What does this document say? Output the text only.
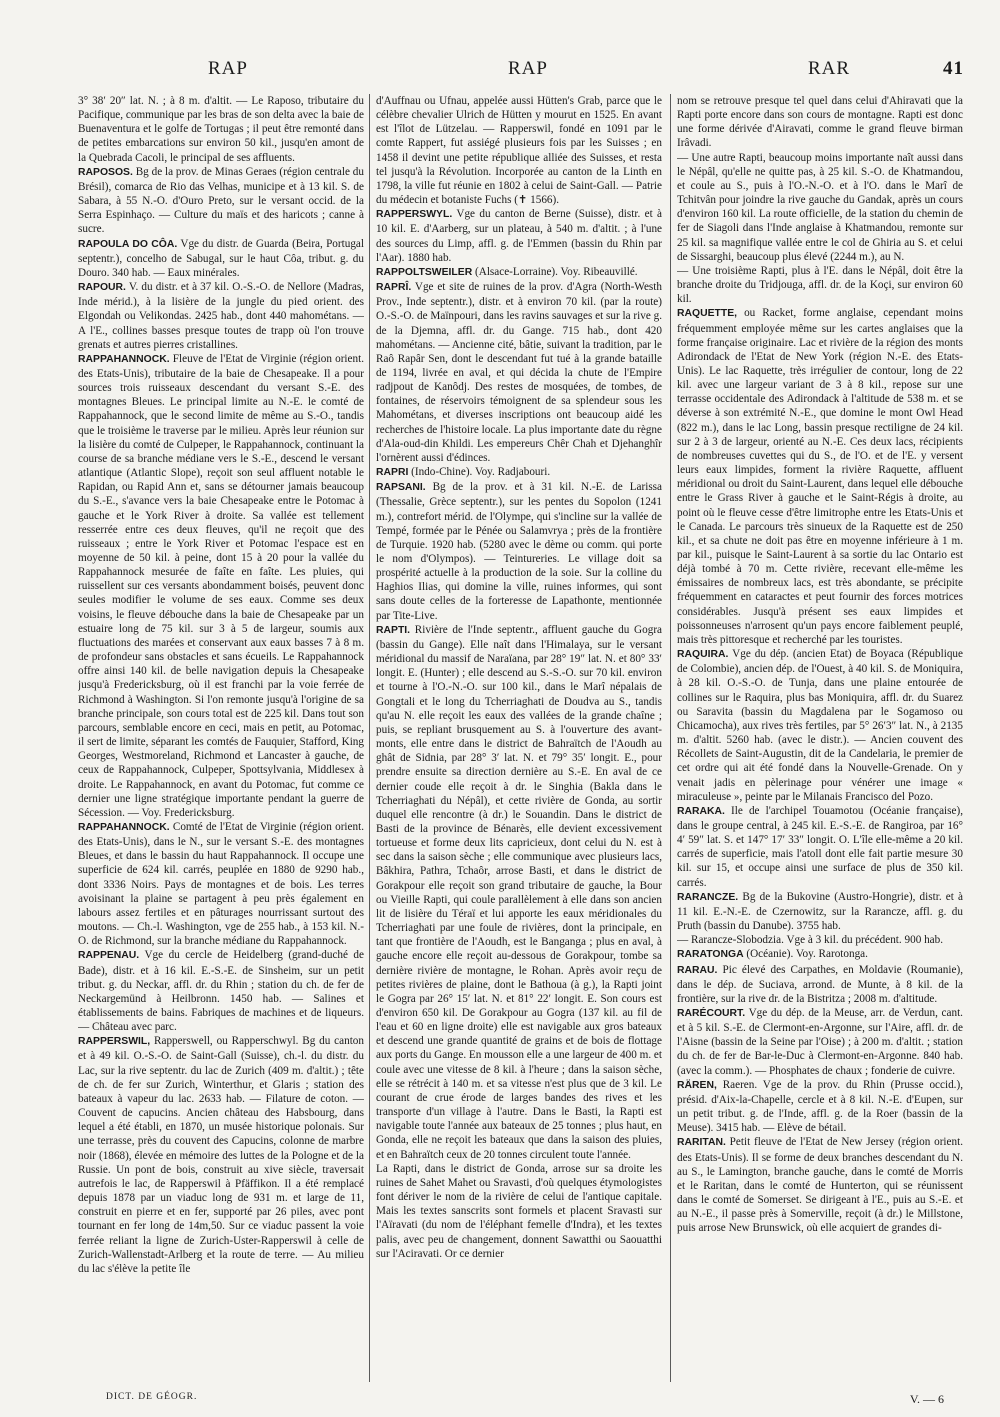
RAP	RAP	RAR	41

3° 38′ 20″ lat. N. ; à 8 m. d'altit. — Le Raposo, tributaire du Pacifique, communique par les bras de son delta avec la baie de Buenaventura et le golfe de Tortugas ; il peut être remonté dans de petites embarcations sur environ 50 kil., jusqu'en amont de la Quebrada Cacoli, le principal de ses affluents.

RAPOSOS. Bg de la prov. de Minas Geraes (région centrale du Brésil), comarca de Rio das Velhas, municipe et à 13 kil. S. de Sabara, à 55 N.-O. d'Ouro Preto, sur le versant occid. de la Serra Espinhaço. — Culture du maïs et des haricots ; canne à sucre.

RAPOULA DO CÔA. Vge du distr. de Guarda (Beira, Portugal septentr.), concelho de Sabugal, sur le haut Côa, tribut. g. du Douro. 340 hab. — Eaux minérales.

RAPOUR. V. du distr. et à 37 kil. O.-S.-O. de Nellore (Madras, Inde mérid.), à la lisière de la jungle du pied orient. des Elgondah ou Velikondas. 2425 hab., dont 440 mahométans. — A l'E., collines basses presque toutes de trapp où l'on trouve grenats et autres pierres cristallines.

RAPPAHANNOCK. Fleuve de l'Etat de Virginie (région orient. des Etats-Unis), tributaire de la baie de Chesapeake. Il a pour sources trois ruisseaux descendant du versant S.-E. des montagnes Bleues. Le principal limite au N.-E. le comté de Rappahannock, que le second limite de même au S.-O., tandis que le troisième le traverse par le milieu. Après leur réunion sur la lisière du comté de Culpeper, le Rappahannock, continuant la course de sa branche médiane vers le S.-E., descend le versant atlantique (Atlantic Slope), reçoit son seul affluent notable le Rapidan, ou Rapid Ann et, sans se détourner jamais beaucoup du S.-E., s'avance vers la baie Chesapeake entre le Potomac à gauche et le York River à droite. Sa vallée est tellement resserrée entre ces deux fleuves, qu'il ne reçoit que des ruisseaux ; entre le York River et Potomac l'espace est en moyenne de 50 kil. à peine, dont 15 à 20 pour la vallée du Rappahannock mesurée de faîte en faîte. Les pluies, qui ruissellent sur ces versants abondamment boisés, peuvent donc seules modifier le volume de ses eaux. Comme ses deux voisins, le fleuve débouche dans la baie de Chesapeake par un estuaire long de 75 kil. sur 3 à 5 de largeur, soumis aux fluctuations des marées et conservant aux eaux basses 7 à 8 m. de profondeur sans obstacles et sans écueils. Le Rappahannock offre ainsi 140 kil. de belle navigation depuis la Chesapeake jusqu'à Fredericksburg, où il est franchi par la voie ferrée de Richmond à Washington. Si l'on remonte jusqu'à l'origine de sa branche principale, son cours total est de 225 kil. Dans tout son parcours, semblable encore en ceci, mais en petit, au Potomac, il sert de limite, séparant les comtés de Fauquier, Stafford, King Georges, Westmoreland, Richmond et Lancaster à gauche, de ceux de Rappahannock, Culpeper, Spottsylvania, Middlesex à droite. Le Rappahannock, en avant du Potomac, fut comme ce dernier une ligne stratégique importante pendant la guerre de Sécession. — Voy. Fredericksburg.

RAPPAHANNOCK. Comté de l'Etat de Virginie (région orient. des Etats-Unis), dans le N., sur le versant S.-E. des montagnes Bleues, et dans le bassin du haut Rappahannock. Il occupe une superficie de 624 kil. carrés, peuplée en 1880 de 9290 hab., dont 3336 Noirs. Pays de montagnes et de bois. Les terres avoisinant la plaine se partagent à peu près également en labours assez fertiles et en pâturages nourrissant surtout des moutons. — Ch.-l. Washington, vge de 255 hab., à 153 kil. N.-O. de Richmond, sur la branche médiane du Rappahannock.

RAPPENAU. Vge du cercle de Heidelberg (grand-duché de Bade), distr. et à 16 kil. E.-S.-E. de Sinsheim, sur un petit tribut. g. du Neckar, affl. dr. du Rhin ; station du ch. de fer de Neckargemünd à Heilbronn. 1450 hab. — Salines et établissements de bains. Fabriques de machines et de liqueurs. — Château avec parc.

RAPPERSWIL, Rapperswell, ou Rapperschwyl. Bg du canton et à 49 kil. O.-S.-O. de Saint-Gall (Suisse), ch.-l. du distr. du Lac, sur la rive septentr. du lac de Zurich (409 m. d'altit.) ; tête de ch. de fer sur Zurich, Winterthur, et Glaris ; station des bateaux à vapeur du lac. 2633 hab. — Filature de coton. — Couvent de capucins. Ancien château des Habsbourg, dans lequel a été établi, en 1870, un musée historique polonais. Sur une terrasse, près du couvent des Capucins, colonne de marbre noir (1868), élevée en mémoire des luttes de la Pologne et de la Russie. Un pont de bois, construit au xive siècle, traversait autrefois le lac, de Rapperswil à Pfäffikon. Il a été remplacé depuis 1878 par un viaduc long de 931 m. et large de 11, construit en pierre et en fer, supporté par 26 piles, avec pont tournant en fer long de 14m,50. Sur ce viaduc passent la voie ferrée reliant la ligne de Zurich-Uster-Rapperswil à celle de Zurich-Wallenstadt-Arlberg et la route de terre. — Au milieu du lac s'élève la petite île

d'Auffnau ou Ufnau, appelée aussi Hütten's Grab, parce que le célèbre chevalier Ulrich de Hütten y mourut en 1525. En avant est l'îlot de Lützelau. — Rapperswil, fondé en 1091 par le comte Rappert, fut assiégé plusieurs fois par les Suisses ; en 1458 il devint une petite république alliée des Suisses, et resta tel jusqu'à la Révolution. Incorporée au canton de la Linth en 1798, la ville fut réunie en 1802 à celui de Saint-Gall. — Patrie du médecin et botaniste Fuchs (✝ 1566).

RAPPERSWYL. Vge du canton de Berne (Suisse), distr. et à 10 kil. E. d'Aarberg, sur un plateau, à 540 m. d'altit. ; à l'une des sources du Limp, affl. g. de l'Emmen (bassin du Rhin par l'Aar). 1880 hab.

RAPPOLTSWEILER (Alsace-Lorraine). Voy. Ribeauvillé.

RAPRÎ. Vge et site de ruines de la prov. d'Agra (North-Westh Prov., Inde septentr.), distr. et à environ 70 kil. (par la route) O.-S.-O. de Maïnpouri, dans les ravins sauvages et sur la rive g. de la Djemna, affl. dr. du Gange. 715 hab., dont 420 mahométans. — Ancienne cité, bâtie, suivant la tradition, par le Raô Rapâr Sen, dont le descendant fut tué à la grande bataille de 1194, livrée en aval, et qui décida la chute de l'Empire radjpout de Kanôdj. Des restes de mosquées, de tombes, de fontaines, de réservoirs témoignent de sa splendeur sous les Mahométans, et diverses inscriptions ont beaucoup aidé les recherches de l'histoire locale. La plus importante date du règne d'Ala-oud-din Khildi. Les empereurs Chêr Chah et Djehanghîr l'ornèrent aussi d'édinces.

RAPRI (Indo-Chine). Voy. Radjabouri.

RAPSANI. Bg de la prov. et à 31 kil. N.-E. de Larissa (Thessalie, Grèce septentr.), sur les pentes du Sopolon (1241 m.), contrefort mérid. de l'Olympe, qui s'incline sur la vallée de Tempé, formée par le Pénée ou Salamvrya ; près de la frontière de Turquie. 1920 hab. (5280 avec le dème ou comm. qui porte le nom d'Olympos). — Teintureries. Le village doit sa prospérité actuelle à la production de la soie. Sur la colline du Haghios Ilias, qui domine la ville, ruines informes, qui sont sans doute celles de la forteresse de Lapathonte, mentionnée par Tite-Live.

RAPTI. Rivière de l'Inde septentr., affluent gauche du Gogra (bassin du Gange). Elle naît dans l'Himalaya, sur le versant méridional du massif de Naraïana, par 28° 19″ lat. N. et 80° 33′ longit. E. (Hunter) ; elle descend au S.-S.-O. sur 70 kil. environ et tourne à l'O.-N.-O. sur 100 kil., dans le Marî népalais de Gongtali et le long du Tcherriaghati de Doudva au S., tandis qu'au N. elle reçoit les eaux des vallées de la grande chaîne ; puis, se repliant brusquement au S. à l'ouverture des avant-monts, elle entre dans le district de Bahraïtch de l'Aoudh au ghât de Sidnia, par 28° 3′ lat. N. et 79° 35′ longit. E., pour prendre ensuite sa direction dernière au S.-E. En aval de ce dernier coude elle reçoit à dr. le Singhia (Bakla dans le Tcherriaghati du Népâl), et cette rivière de Gonda, au sortir duquel elle rencontre (à dr.) le Souandin. Dans le district de Basti de la province de Bénarès, elle devient excessivement tortueuse et forme deux lits capricieux, dont celui du N. est à sec dans la saison sèche ; elle communique avec plusieurs lacs, Bâkhira, Pathra, Tchaôr, arrose Basti, et dans le district de Gorakpour elle reçoit son grand tributaire de gauche, la Bour ou Vieille Rapti, qui coule parallèlement à elle dans son ancien lit de lisière du Téraï et lui apporte les eaux méridionales du Tcherriaghati par une foule de rivières, dont la principale, en tant que frontière de l'Aoudh, est le Banganga ; plus en aval, à gauche encore elle reçoit au-dessous de Gorakpour, tombe sa dernière rivière de montagne, le Rohan. Après avoir reçu de petites rivières de plaine, dont le Bathoua (à g.), la Rapti joint le Gogra par 26° 15′ lat. N. et 81° 22′ longit. E. Son cours est d'environ 650 kil. De Gorakpour au Gogra (137 kil. au fil de l'eau et 60 en ligne droite) elle est navigable aux gros bateaux et descend une grande quantité de grains et de bois de flottage aux ports du Gange. En mousson elle a une largeur de 400 m. et coule avec une vitesse de 8 kil. à l'heure ; dans la saison sèche, elle se rétrécit à 140 m. et sa vitesse n'est plus que de 3 kil. Le courant de crue érode de larges bandes des rives et les transporte d'un village à l'autre. Dans le Basti, la Rapti est navigable toute l'année aux bateaux de 25 tonnes ; plus haut, en Gonda, elle ne reçoit les bateaux que dans la saison des pluies, et en Bahraïtch ceux de 20 tonnes circulent toute l'année.

La Rapti, dans le district de Gonda, arrose sur sa droite les ruines de Sahet Mahet ou Sravasti, d'où quelques étymologistes font dériver le nom de la rivière de celui de l'antique capitale. Mais les textes sanscrits sont formels et placent Sravasti sur l'Aïravati (du nom de l'éléphant femelle d'Indra), et les textes palis, avec peu de changement, donnent Sawatthi ou Saouatthi sur l'Aciravati. Or ce dernier

nom se retrouve presque tel quel dans celui d'Ahiravati que la Rapti porte encore dans son cours de montagne. Rapti est donc une forme dérivée d'Airavati, comme le grand fleuve birman Irâvadi.

— Une autre Rapti, beaucoup moins importante naît aussi dans le Népâl, qu'elle ne quitte pas, à 25 kil. S.-O. de Khatmandou, et coule au S., puis à l'O.-N.-O. et à l'O. dans le Marî de Tchitvân pour joindre la rive gauche du Gandak, après un cours d'environ 160 kil. La route officielle, de la station du chemin de fer de Siagoli dans l'Inde anglaise à Khatmandou, remonte sur 25 kil. sa magnifique vallée entre le col de Ghiria au S. et celui de Sissarghi, beaucoup plus élevé (2244 m.), au N.

— Une troisième Rapti, plus à l'E. dans le Népâl, doit être la branche droite du Tridjouga, affl. dr. de la Koçi, sur environ 60 kil.

RAQUETTE, ou Racket, forme anglaise, cependant moins fréquemment employée même sur les cartes anglaises que la forme française originaire. Lac et rivière de la région des monts Adirondack de l'Etat de New York (région N.-E. des Etats-Unis). Le lac Raquette, très irrégulier de contour, long de 22 kil. avec une largeur variant de 3 à 8 kil., repose sur une terrasse occidentale des Adirondack à l'altitude de 538 m. et se déverse à son extrémité N.-E., que domine le mont Owl Head (822 m.), dans le lac Long, bassin presque rectiligne de 24 kil. sur 2 à 3 de largeur, orienté au N.-E. Ces deux lacs, récipients de nombreuses cuvettes qui du S., de l'O. et de l'E. y versent leurs eaux limpides, forment la rivière Raquette, affluent méridional ou droit du Saint-Laurent, dans lequel elle débouche entre le Grass River à gauche et le Saint-Régis à droite, au point où le fleuve cesse d'être limitrophe entre les Etats-Unis et le Canada. Le parcours très sinueux de la Raquette est de 250 kil., et sa chute ne doit pas être en moyenne inférieure à 1 m. par kil., puisque le Saint-Laurent à sa sortie du lac Ontario est déjà tombé à 70 m. Cette rivière, recevant elle-même les émissaires de nombreux lacs, est très abondante, se précipite fréquemment en cataractes et peut fournir des forces motrices considérables. Jusqu'à présent ses eaux limpides et poissonneuses n'arrosent qu'un pays encore faiblement peuplé, mais très pittoresque et recherché par les touristes.

RAQUIRA. Vge du dép. (ancien Etat) de Boyaca (République de Colombie), ancien dép. de l'Ouest, à 40 kil. S. de Moniquira, à 28 kil. O.-S.-O. de Tunja, dans une plaine entourée de collines sur le Raquira, plus bas Moniquira, affl. dr. du Suarez ou Saravita (bassin du Magdalena par le Sogamoso ou Chicamocha), aux rives très fertiles, par 5° 26′3″ lat. N., à 2135 m. d'altit. 5260 hab. (avec le distr.). — Ancien couvent des Récollets de Saint-Augustin, dit de la Candelaria, le premier de cet ordre qui ait été fondé dans la Nouvelle-Grenade. On y venait jadis en pèlerinage pour vénérer une image « miraculeuse », peinte par le Milanais Francisco del Pozo.

RARAKA. Ile de l'archipel Touamotou (Océanie française), dans le groupe central, à 245 kil. E.-S.-E. de Rangiroa, par 16° 4′ 59″ lat. S. et 147° 17′ 33″ longit. O. L'île elle-même a 20 kil. carrés de superficie, mais l'atoll dont elle fait partie mesure 30 kil. sur 15, et occupe ainsi une surface de plus de 350 kil. carrés.

RARANCZE. Bg de la Bukovine (Austro-Hongrie), distr. et à 11 kil. E.-N.-E. de Czernowitz, sur la Rarancze, affl. g. du Pruth (bassin du Danube). 3755 hab.

— Rarancze-Slobodzia. Vge à 3 kil. du précédent. 900 hab.

RARATONGA (Océanie). Voy. Rarotonga.

RARAU. Pic élevé des Carpathes, en Moldavie (Roumanie), dans le dép. de Suciava, arrond. de Munte, à 8 kil. de la frontière, sur la rive dr. de la Bistritza ; 2008 m. d'altitude.

RARÉCOURT. Vge du dép. de la Meuse, arr. de Verdun, cant. et à 5 kil. S.-E. de Clermont-en-Argonne, sur l'Aire, affl. dr. de l'Aisne (bassin de la Seine par l'Oise) ; à 200 m. d'altit. ; station du ch. de fer de Bar-le-Duc à Clermont-en-Argonne. 840 hab. (avec la comm.). — Phosphates de chaux ; fonderie de cuivre.

RÄREN, Raeren. Vge de la prov. du Rhin (Prusse occid.), présid. d'Aix-la-Chapelle, cercle et à 8 kil. N.-E. d'Eupen, sur un petit tribut. g. de l'Inde, affl. g. de la Roer (bassin de la Meuse). 3415 hab. — Elève de bétail.

RARITAN. Petit fleuve de l'Etat de New Jersey (région orient. des Etats-Unis). Il se forme de deux branches descendant du N. au S., le Lamington, branche gauche, dans le comté de Morris et le Raritan, dans le comté de Hunterton, qui se réunissent dans le comté de Somerset. Se dirigeant à l'E., puis au S.-E. et au N.-E., il passe près à Somerville, reçoit (à dr.) le Millstone, puis arrose New Brunswick, où elle acquiert de grandes di-

DICT. DE GÉOGR.	V. — 6
